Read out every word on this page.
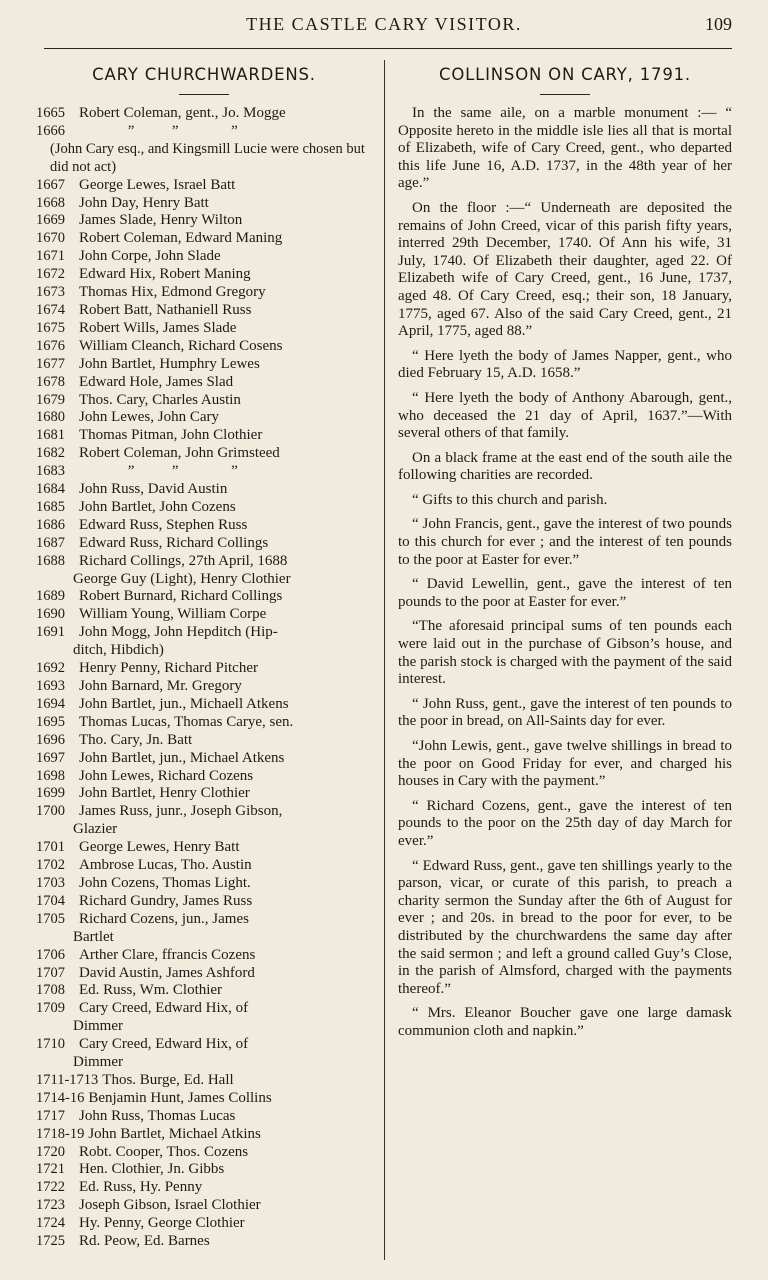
THE CASTLE CARY VISITOR.	109
CARY CHURCHWARDENS.
1665 Robert Coleman, gent., Jo. Mogge
1666 ”          ”              ”
(John Cary esq., and Kingsmill Lucie were chosen but did not act)
1667 George Lewes, Israel Batt
1668 John Day, Henry Batt
1669 James Slade, Henry Wilton
1670 Robert Coleman, Edward Maning
1671 John Corpe, John Slade
1672 Edward Hix, Robert Maning
1673 Thomas Hix, Edmond Gregory
1674 Robert Batt, Nathaniell Russ
1675 Robert Wills, James Slade
1676 William Cleanch, Richard Cosens
1677 John Bartlet, Humphry Lewes
1678 Edward Hole, James Slad
1679 Thos. Cary, Charles Austin
1680 John Lewes, John Cary
1681 Thomas Pitman, John Clothier
1682 Robert Coleman, John Grimsteed
1683 ”          ”              ”
1684 John Russ, David Austin
1685 John Bartlet, John Cozens
1686 Edward Russ, Stephen Russ
1687 Edward Russ, Richard Collings
1688 Richard Collings, 27th April, 1688
George Guy (Light), Henry Clothier
1689 Robert Burnard, Richard Collings
1690 William Young, William Corpe
1691 John Mogg, John Hepditch (Hip-
ditch, Hibdich)
1692 Henry Penny, Richard Pitcher
1693 John Barnard, Mr. Gregory
1694 John Bartlet, jun., Michaell Atkens
1695 Thomas Lucas, Thomas Carye, sen.
1696 Tho. Cary, Jn. Batt
1697 John Bartlet, jun., Michael Atkens
1698 John Lewes, Richard Cozens
1699 John Bartlet, Henry Clothier
1700 James Russ, junr., Joseph Gibson,
Glazier
1701 George Lewes, Henry Batt
1702 Ambrose Lucas, Tho. Austin
1703 John Cozens, Thomas Light.
1704 Richard Gundry, James Russ
1705 Richard Cozens, jun., James
Bartlet
1706 Arther Clare, ffrancis Cozens
1707 David Austin, James Ashford
1708 Ed. Russ, Wm. Clothier
1709 Cary Creed, Edward Hix, of
Dimmer
1710 Cary Creed, Edward Hix, of
Dimmer
1711-1713 Thos. Burge, Ed. Hall
1714-16 Benjamin Hunt, James Collins
1717 John Russ, Thomas Lucas
1718-19 John Bartlet, Michael Atkins
1720 Robt. Cooper, Thos. Cozens
1721 Hen. Clothier, Jn. Gibbs
1722 Ed. Russ, Hy. Penny
1723 Joseph Gibson, Israel Clothier
1724 Hy. Penny, George Clothier
1725 Rd. Peow, Ed. Barnes
COLLINSON ON CARY, 1791.

In the same aile, on a marble monument :— “ Opposite hereto in the middle isle lies all that is mortal of Elizabeth, wife of Cary Creed, gent., who departed this life June 16, A.D. 1737, in the 48th year of her age.”

On the floor :—“ Underneath are deposited the remains of John Creed, vicar of this parish fifty years, interred 29th December, 1740. Of Ann his wife, 31 July, 1740. Of Elizabeth their daughter, aged 22. Of Elizabeth wife of Cary Creed, gent., 16 June, 1737, aged 48. Of Cary Creed, esq.; their son, 18 January, 1775, aged 67. Also of the said Cary Creed, gent., 21 April, 1775, aged 88.”

“ Here lyeth the body of James Napper, gent., who died February 15, A.D. 1658.”

“ Here lyeth the body of Anthony Abarough, gent., who deceased the 21 day of April, 1637.”—With several others of that family.

On a black frame at the east end of the south aile the following charities are recorded.

“ Gifts to this church and parish.

“ John Francis, gent., gave the interest of two pounds to this church for ever ; and the interest of ten pounds to the poor at Easter for ever.”

“ David Lewellin, gent., gave the interest of ten pounds to the poor at Easter for ever.”

“The aforesaid principal sums of ten pounds each were laid out in the purchase of Gibson’s house, and the parish stock is charged with the payment of the said interest.

“ John Russ, gent., gave the interest of ten pounds to the poor in bread, on All-Saints day for ever.

“John Lewis, gent., gave twelve shillings in bread to the poor on Good Friday for ever, and charged his houses in Cary with the payment.”

“ Richard Cozens, gent., gave the interest of ten pounds to the poor on the 25th day of day March for ever.”

“ Edward Russ, gent., gave ten shillings yearly to the parson, vicar, or curate of this parish, to preach a charity sermon the Sunday after the 6th of August for ever ; and 20s. in bread to the poor for ever, to be distributed by the churchwardens the same day after the said sermon ; and left a ground called Guy’s Close, in the parish of Almsford, charged with the payments thereof.”

“ Mrs. Eleanor Boucher gave one large damask communion cloth and napkin.”
